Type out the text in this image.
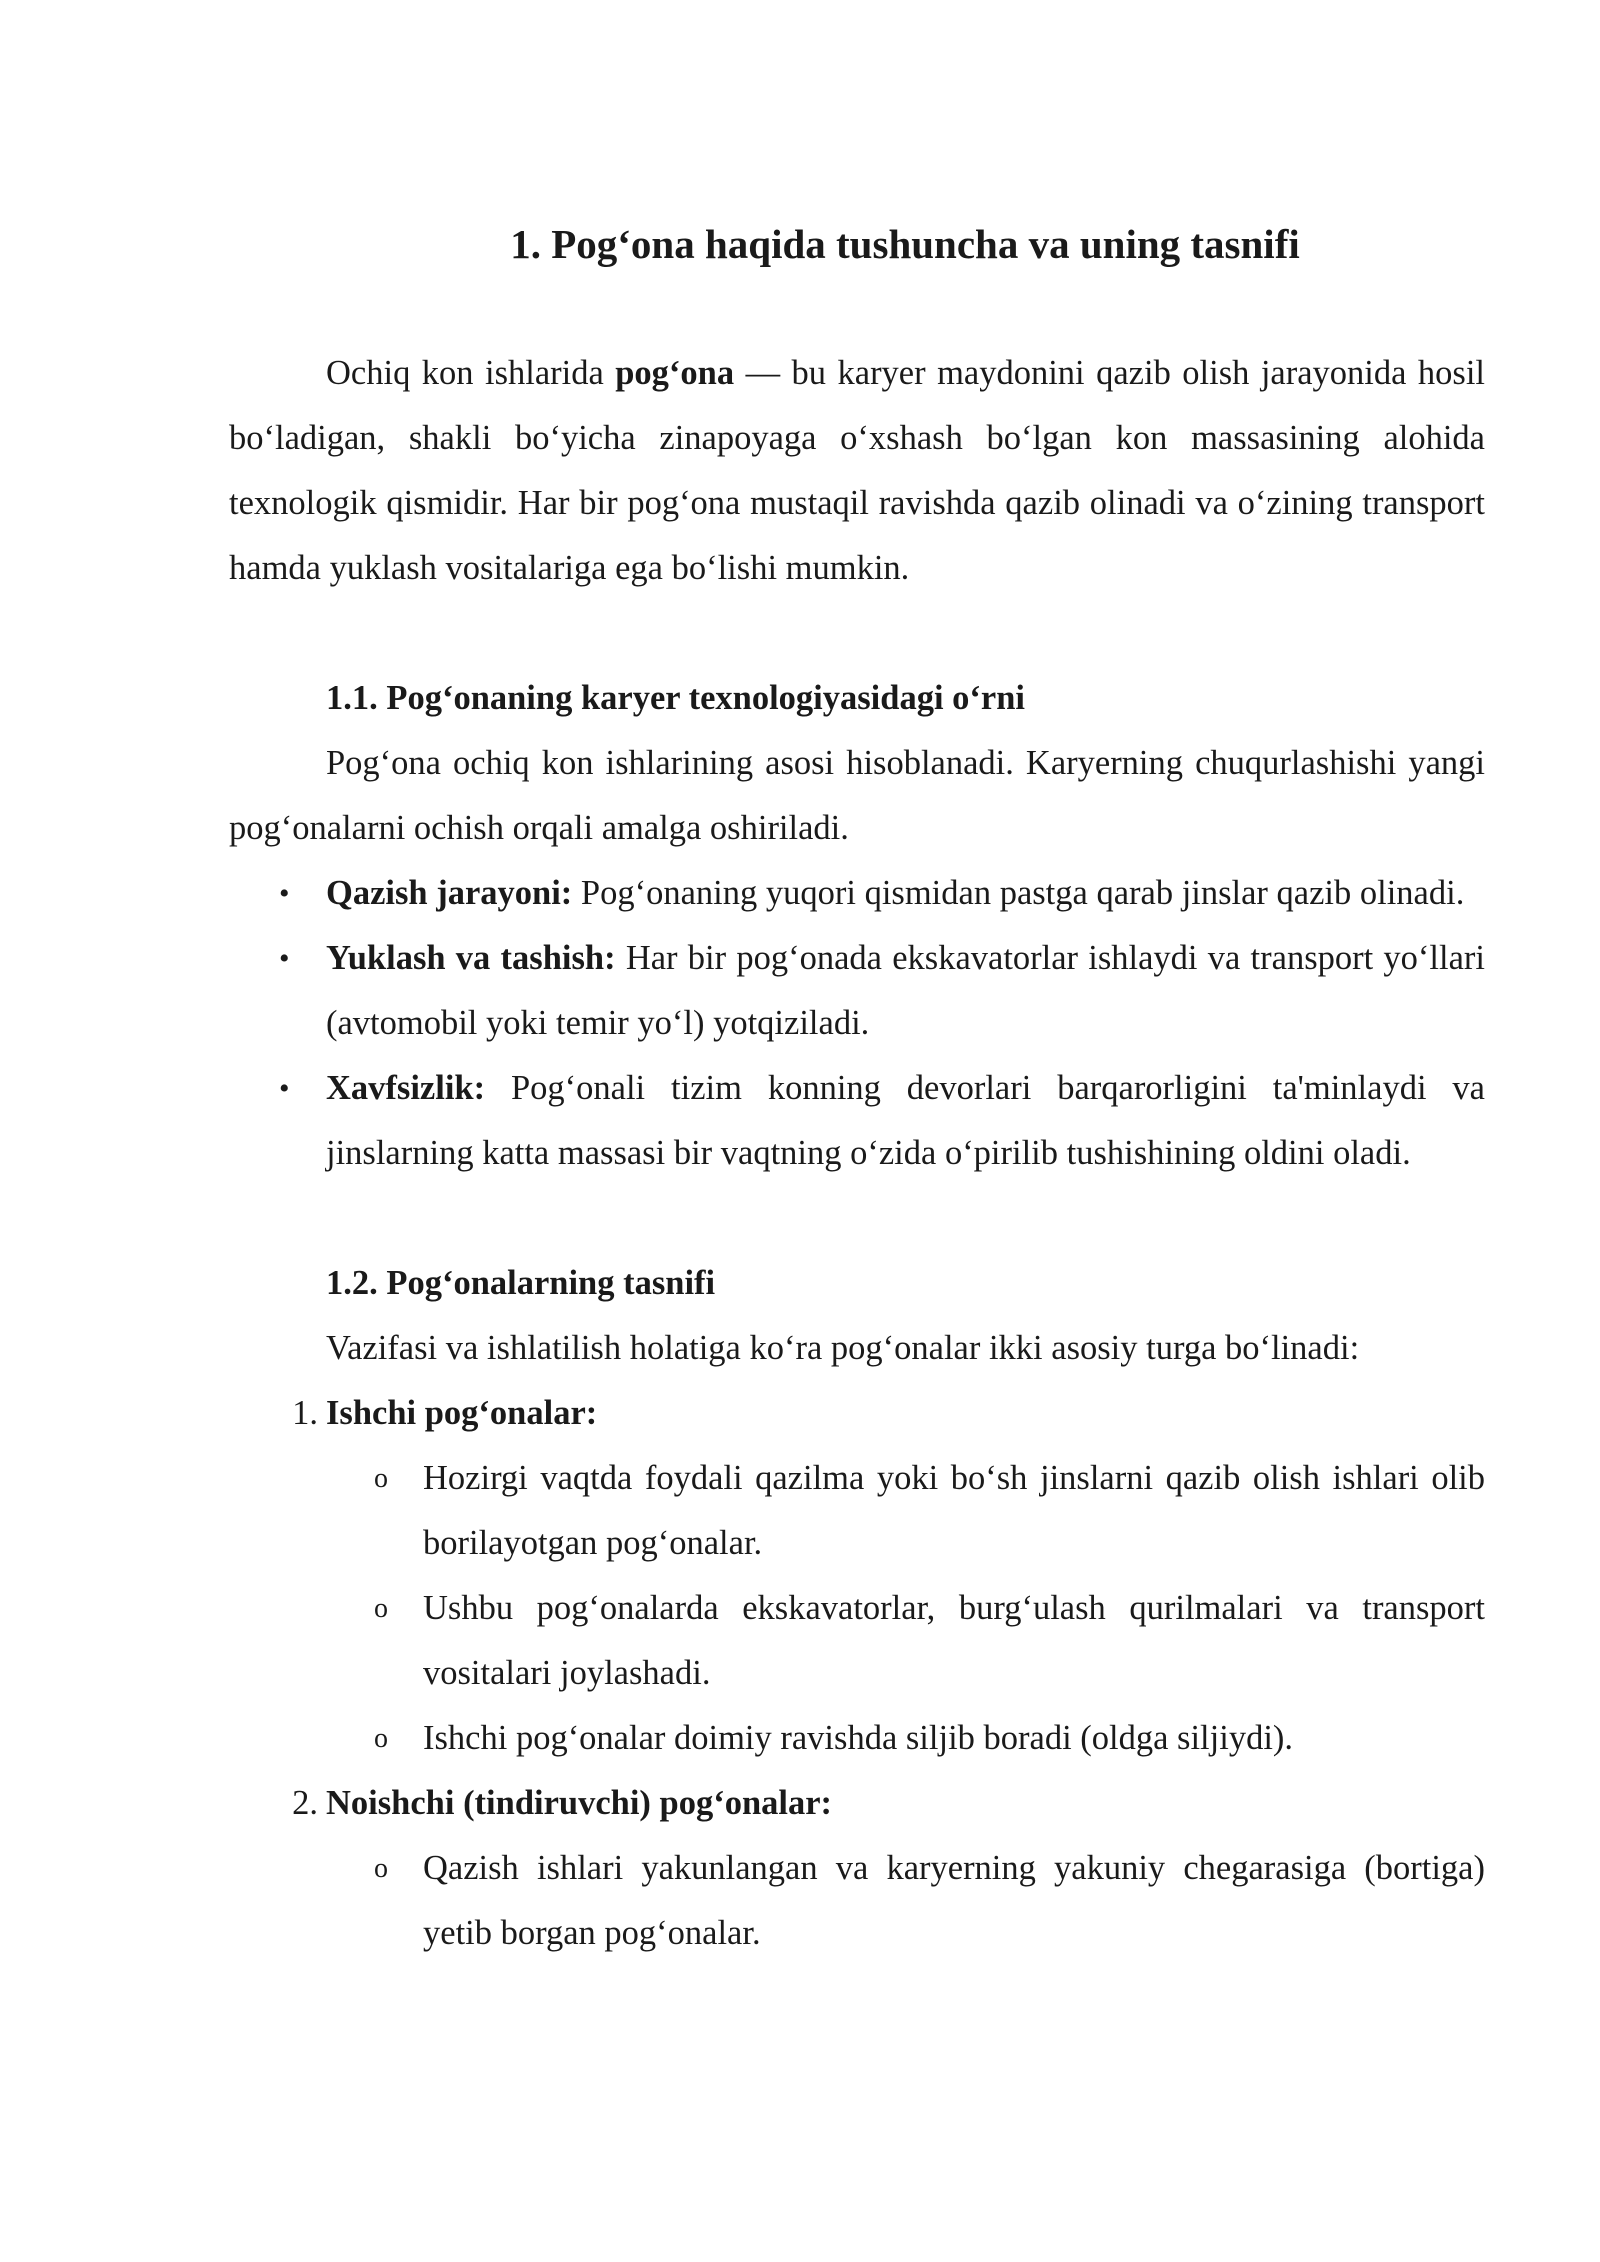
1. Pog‘ona haqida tushuncha va uning tasnifi

Ochiq kon ishlarida pog‘ona — bu karyer maydonini qazib olish jarayonida hosil bo‘ladigan, shakli bo‘yicha zinapoyaga o‘xshash bo‘lgan kon massasining alohida texnologik qismidir. Har bir pog‘ona mustaqil ravishda qazib olinadi va o‘zining transport hamda yuklash vositalariga ega bo‘lishi mumkin.

1.1. Pog‘onaning karyer texnologiyasidagi o‘rni

Pog‘ona ochiq kon ishlarining asosi hisoblanadi. Karyerning chuqurlashishi yangi pog‘onalarni ochish orqali amalga oshiriladi.

• Qazish jarayoni: Pog‘onaning yuqori qismidan pastga qarab jinslar qazib olinadi.
• Yuklash va tashish: Har bir pog‘onada ekskavatorlar ishlaydi va transport yo‘llari (avtomobil yoki temir yo‘l) yotqiziladi.
• Xavfsizlik: Pog‘onali tizim konning devorlari barqarorligini ta'minlaydi va jinslarning katta massasi bir vaqtning o‘zida o‘pirilib tushishining oldini oladi.
1.2. Pog‘onalarning tasnifi

Vazifasi va ishlatilish holatiga ko‘ra pog‘onalar ikki asosiy turga bo‘linadi:

1. Ishchi pog‘onalar:
o Hozirgi vaqtda foydali qazilma yoki bo‘sh jinslarni qazib olish ishlari olib borilayotgan pog‘onalar.
o Ushbu pog‘onalarda ekskavatorlar, burg‘ulash qurilmalari va transport vositalari joylashadi.
o Ishchi pog‘onalar doimiy ravishda siljib boradi (oldga siljiydi).
2. Noishchi (tindiruvchi) pog‘onalar:
o Qazish ishlari yakunlangan va karyerning yakuniy chegarasiga (bortiga) yetib borgan pog‘onalar.
